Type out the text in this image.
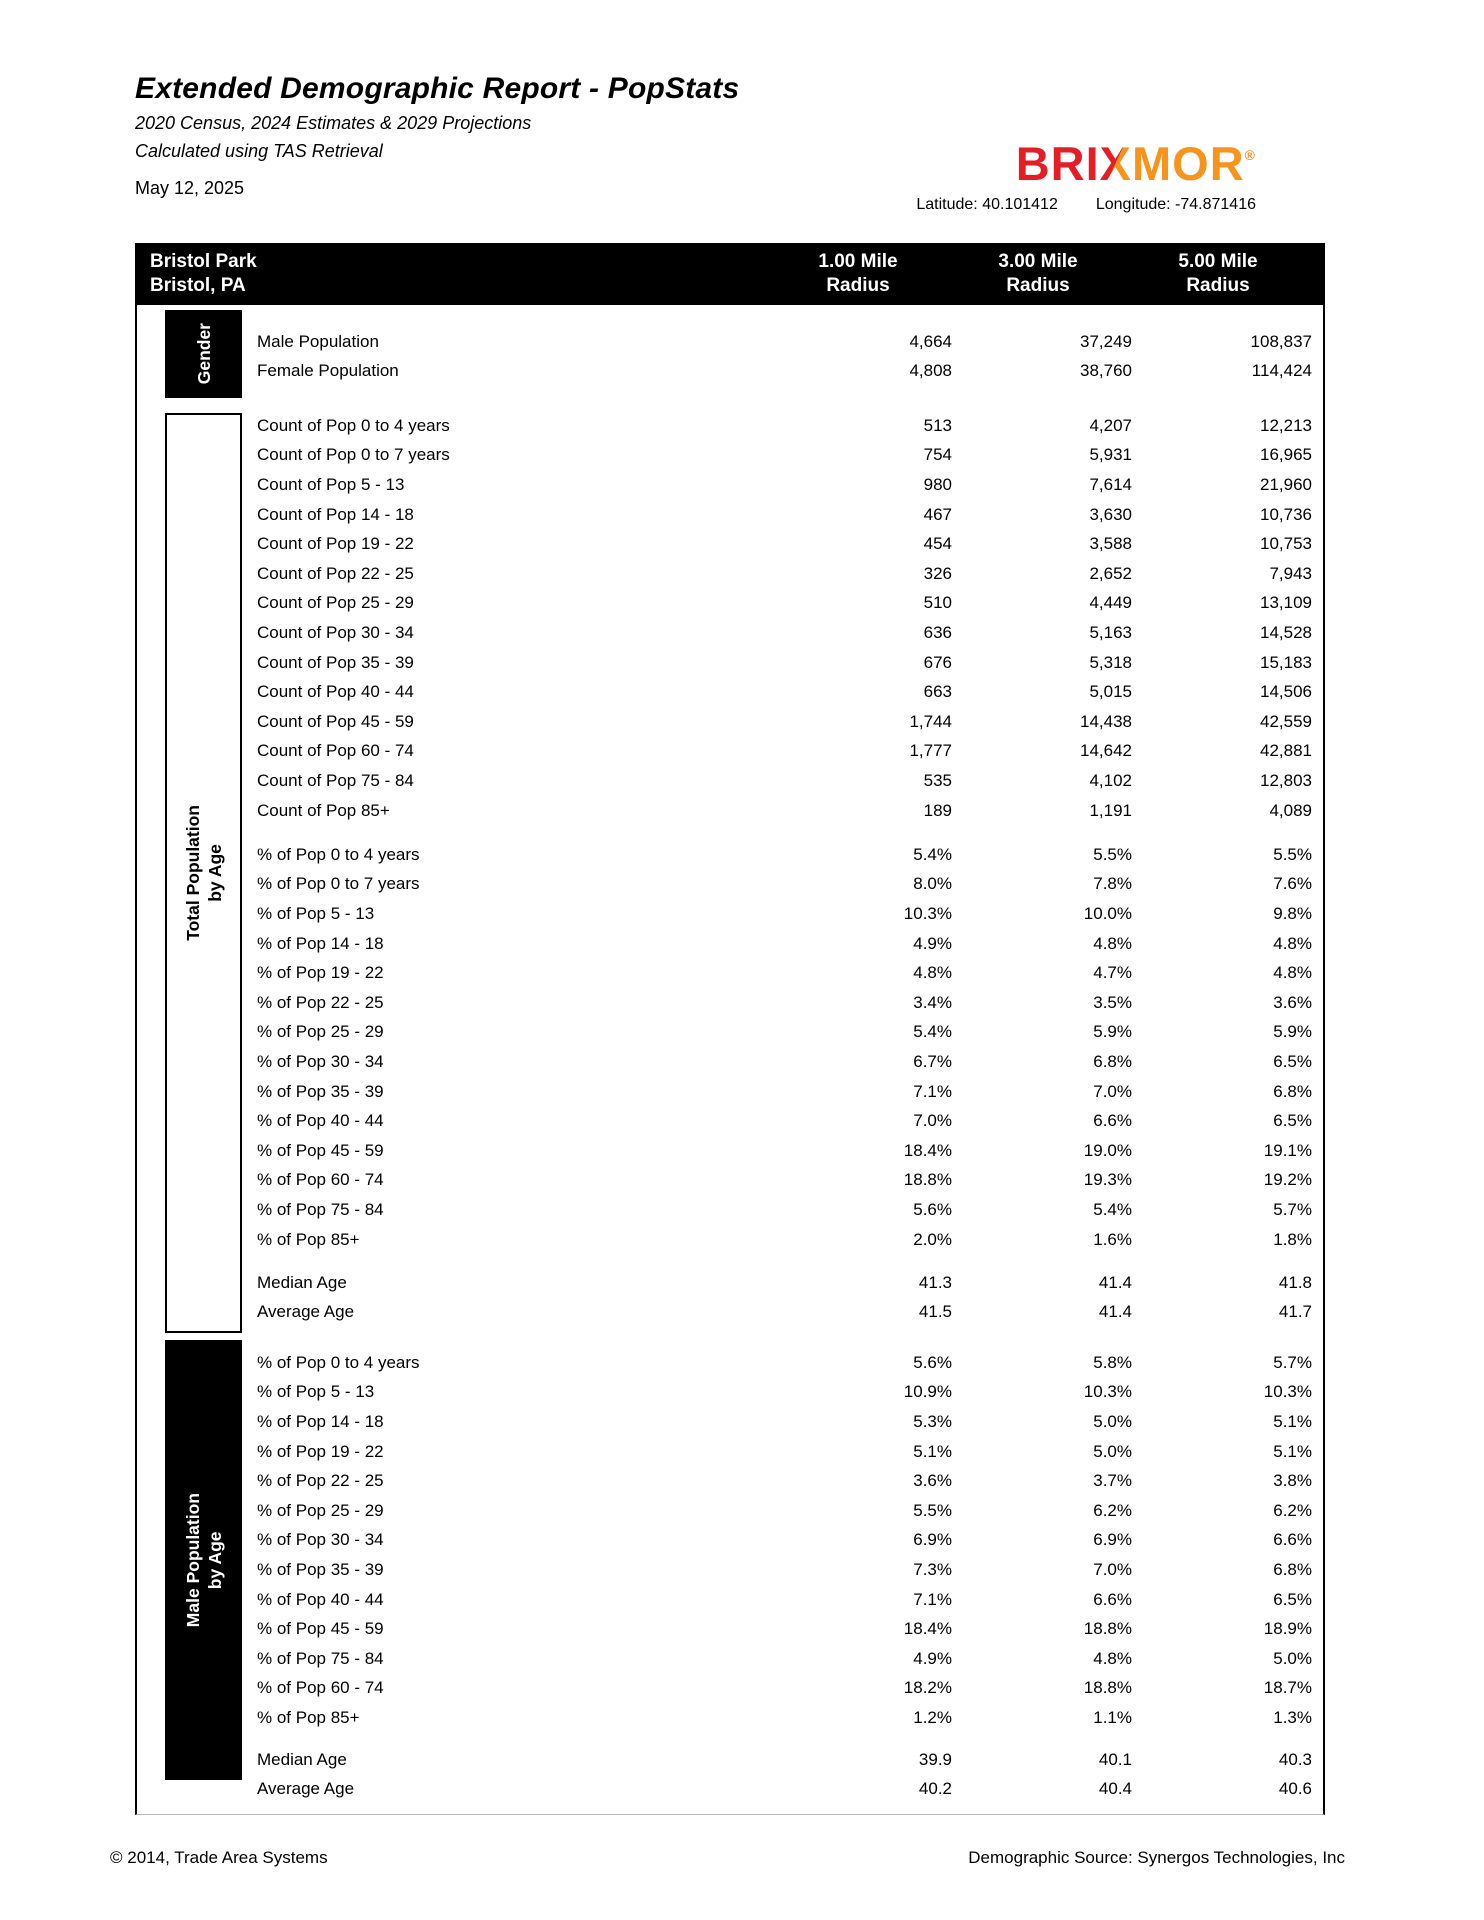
Extended Demographic Report - PopStats
2020 Census, 2024 Estimates & 2029 Projections
Calculated using TAS Retrieval
May 12, 2025	BRIXMOR®
Latitude: 40.101412 Longitude: -74.871416
Bristol Park
Bristol, PA
1.00 Mile
Radius
3.00 Mile
Radius
5.00 Mile
Radius
Gender
Total Population by Age
Male Population by Age
Male Population	4,664	37,249	108,837
Female Population	4,808	38,760	114,424
Count of Pop 0 to 4 years	513	4,207	12,213
Count of Pop 0 to 7 years	754	5,931	16,965
Count of Pop 5 - 13	980	7,614	21,960
Count of Pop 14 - 18	467	3,630	10,736
Count of Pop 19 - 22	454	3,588	10,753
Count of Pop 22 - 25	326	2,652	7,943
Count of Pop 25 - 29	510	4,449	13,109
Count of Pop 30 - 34	636	5,163	14,528
Count of Pop 35 - 39	676	5,318	15,183
Count of Pop 40 - 44	663	5,015	14,506
Count of Pop 45 - 59	1,744	14,438	42,559
Count of Pop 60 - 74	1,777	14,642	42,881
Count of Pop 75 - 84	535	4,102	12,803
Count of Pop 85+	189	1,191	4,089
% of Pop 0 to 4 years	5.4%	5.5%	5.5%
% of Pop 0 to 7 years	8.0%	7.8%	7.6%
% of Pop 5 - 13	10.3%	10.0%	9.8%
% of Pop 14 - 18	4.9%	4.8%	4.8%
% of Pop 19 - 22	4.8%	4.7%	4.8%
% of Pop 22 - 25	3.4%	3.5%	3.6%
% of Pop 25 - 29	5.4%	5.9%	5.9%
% of Pop 30 - 34	6.7%	6.8%	6.5%
% of Pop 35 - 39	7.1%	7.0%	6.8%
% of Pop 40 - 44	7.0%	6.6%	6.5%
% of Pop 45 - 59	18.4%	19.0%	19.1%
% of Pop 60 - 74	18.8%	19.3%	19.2%
% of Pop 75 - 84	5.6%	5.4%	5.7%
% of Pop 85+	2.0%	1.6%	1.8%
Median Age	41.3	41.4	41.8
Average Age	41.5	41.4	41.7
% of Pop 0 to 4 years	5.6%	5.8%	5.7%
% of Pop 5 - 13	10.9%	10.3%	10.3%
% of Pop 14 - 18	5.3%	5.0%	5.1%
% of Pop 19 - 22	5.1%	5.0%	5.1%
% of Pop 22 - 25	3.6%	3.7%	3.8%
% of Pop 25 - 29	5.5%	6.2%	6.2%
% of Pop 30 - 34	6.9%	6.9%	6.6%
% of Pop 35 - 39	7.3%	7.0%	6.8%
% of Pop 40 - 44	7.1%	6.6%	6.5%
% of Pop 45 - 59	18.4%	18.8%	18.9%
% of Pop 75 - 84	4.9%	4.8%	5.0%
% of Pop 60 - 74	18.2%	18.8%	18.7%
% of Pop 85+	1.2%	1.1%	1.3%
Median Age	39.9	40.1	40.3
Average Age	40.2	40.4	40.6
© 2014, Trade Area Systems	Demographic Source: Synergos Technologies, Inc
